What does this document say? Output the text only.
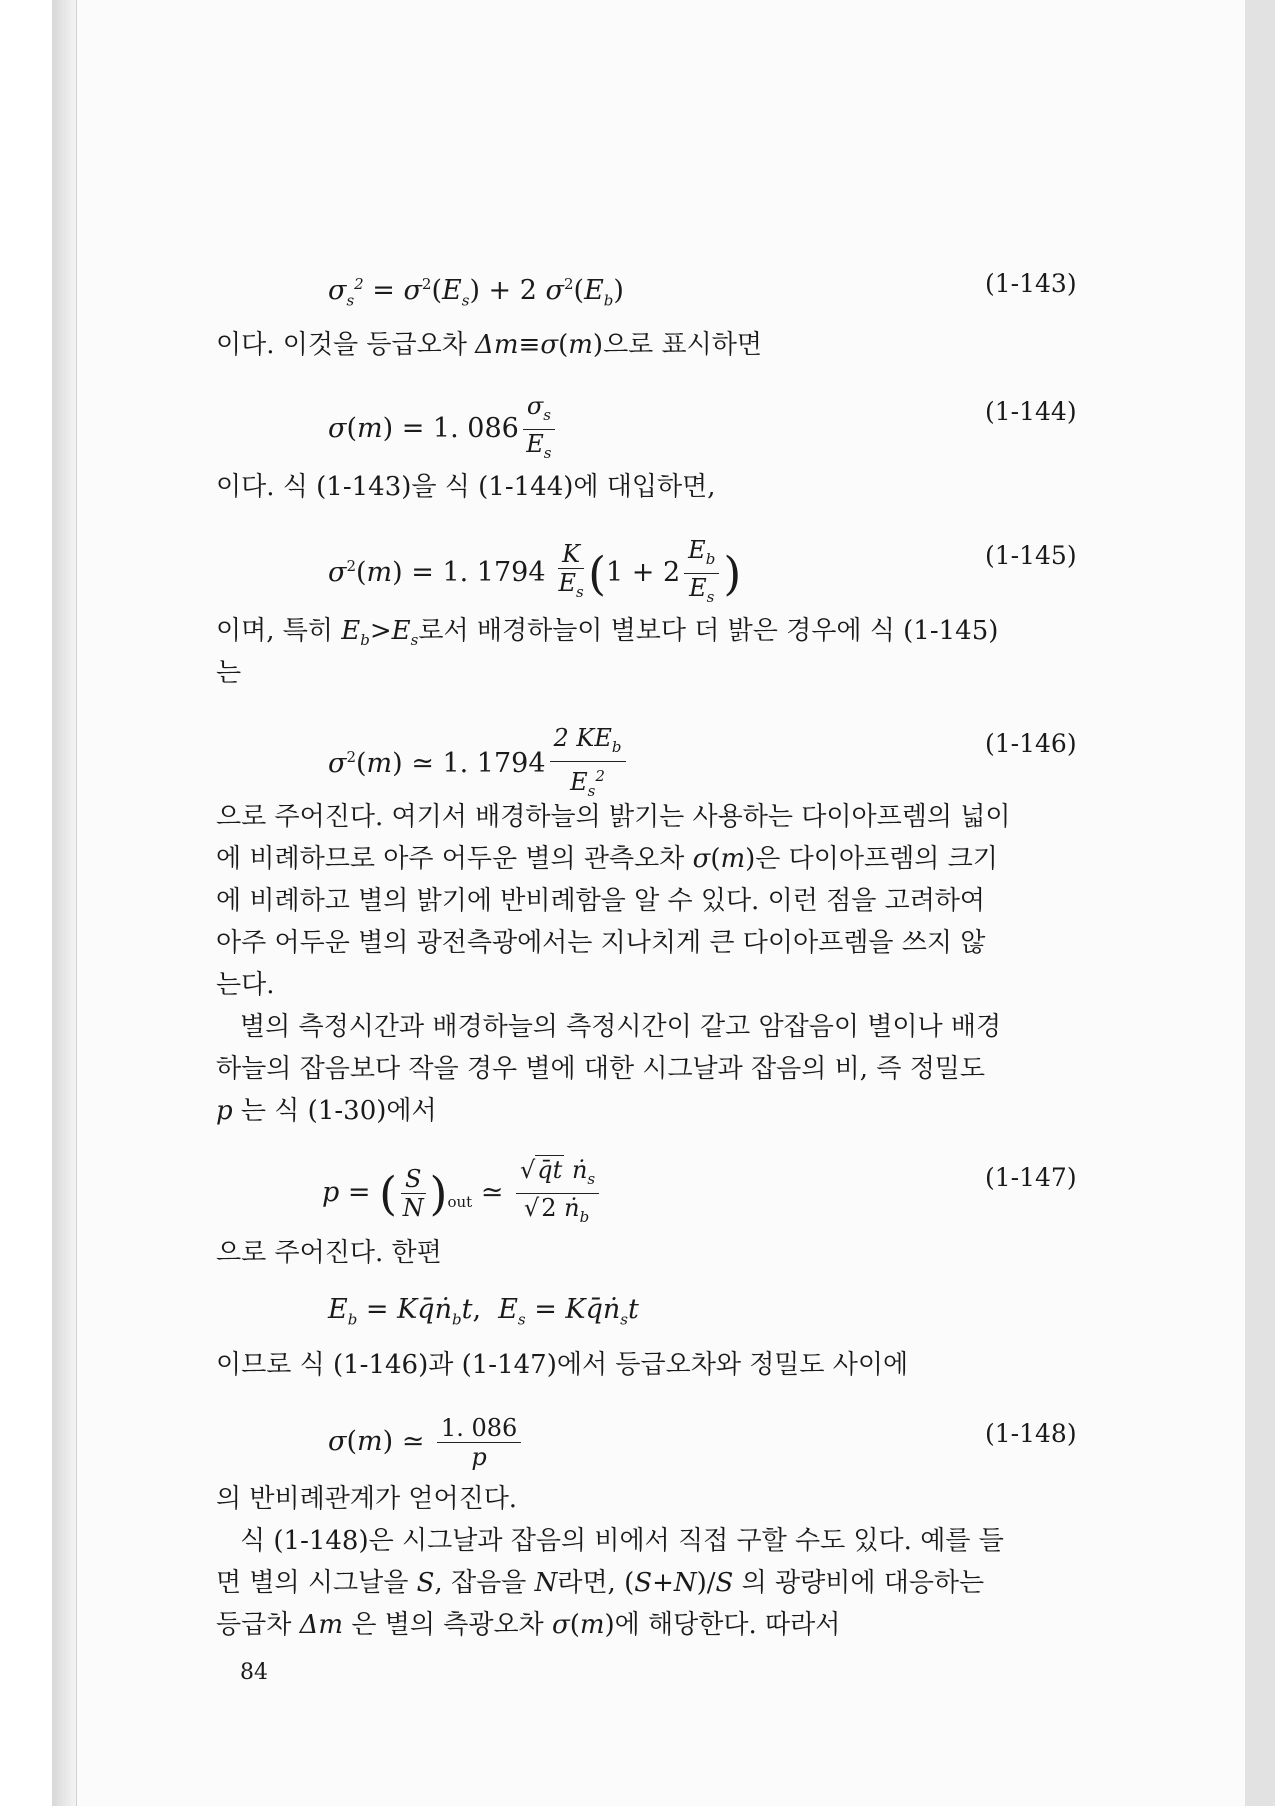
$\sigma_s^2 = \sigma^2(E_s) + 2$ $\sigma^2(E_b)$	(1-143)
이다. 이것을 등급오차 Δm≡σ(m)으로 표시하면
σ(m) = 1. $086 \frac{\sigma_s}{E_s}$	(1-144)
이다. 식 (1-143)을 식 (1-144)에 대입하면,
$\sigma^2(m) = 1$. $1794 \frac{K}{E_s} (1 + 2 \frac{E_b}{E_s}$ )	(1-145)
이며, 특히 $E_b>E_s$로서 배경하늘이 별보다 더 밝은 경우에 식 (1-145)
는
$\sigma^2(m)$ ≃ 1. $1794 \frac{2 KE_b}{E_s^2}$	(1-146)
으로 주어진다. 여기서 배경하늘의 밝기는 사용하는 다이아프렘의 넓이
에 비례하므로 아주 어두운 별의 관측오차 σ(m)은 다이아프렘의 크기
에 비례하고 별의 밝기에 반비례함을 알 수 있다. 이런 점을 고려하여
아주 어두운 별의 광전측광에서는 지나치게 큰 다이아프렘을 쓰지 않
는다.
별의 측정시간과 배경하늘의 측정시간이 같고 암잡음이 별이나 배경
하늘의 잡음보다 작을 경우 별에 대한 시그날과 잡음의 비, 즉 정밀도
p 는 식 (1-30)에서
p = ( $\frac{S}{N} )_{out}$ ≃ $\frac{√q̄t ṅ_s}{√2 ṅ_b}$	(1-147)
으로 주어진다. 한편
$E_b$ = Kq̄ṅ$_b$t,  $E_s$ = Kq̄ṅ$_s$t
이므로 식 (1-146)과 (1-147)에서 등급오차와 정밀도 사이에
σ(m) ≃ $\frac{1. 086}{p}$	(1-148)
의 반비례관계가 얻어진다.
식 (1-148)은 시그날과 잡음의 비에서 직접 구할 수도 있다. 예를 들
면 별의 시그날을 S, 잡음을 N라면, (S+N)/S 의 광량비에 대응하는
등급차 Δm 은 별의 측광오차 σ(m)에 해당한다. 따라서
84
